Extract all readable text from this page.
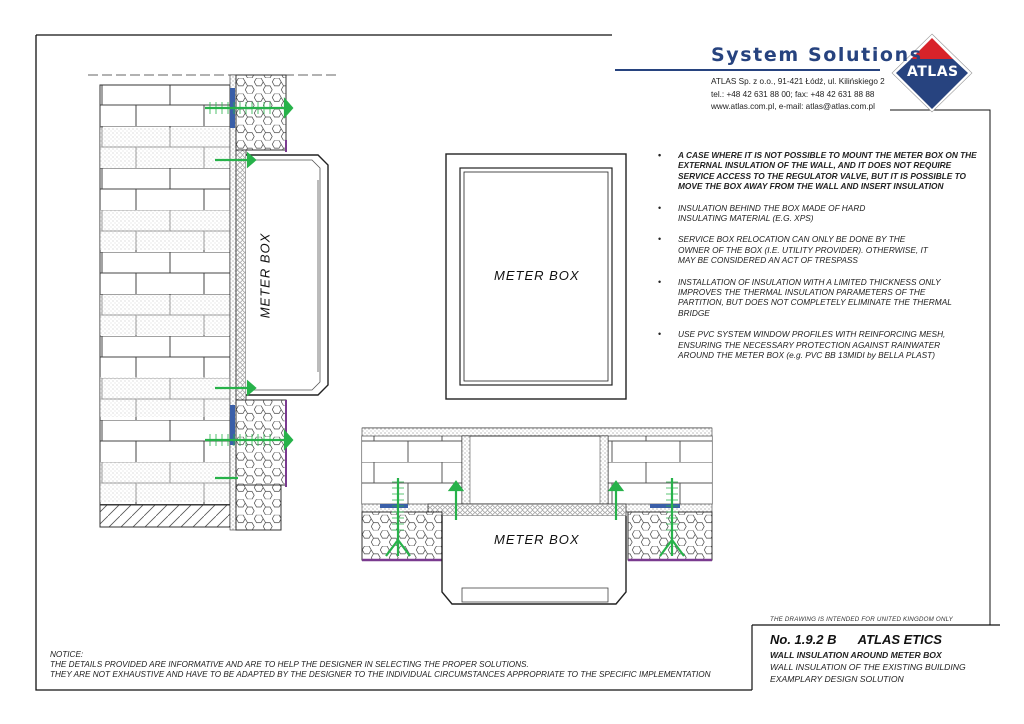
System Solutions
ATLAS Sp. z o.o., 91-421 Łódź, ul. Kilińskiego 2
tel.: +48 42 631 88 00; fax: +48 42 631 88 88
www.atlas.com.pl, e-mail: atlas@atlas.com.pl
ATLAS
• A CASE WHERE IT IS NOT POSSIBLE TO MOUNT THE METER BOX ON THE EXTERNAL INSULATION OF THE WALL, AND IT DOES NOT REQUIRE SERVICE ACCESS TO THE REGULATOR VALVE, BUT IT IS POSSIBLE TO MOVE THE BOX AWAY FROM THE WALL AND INSERT INSULATION
• INSULATION BEHIND THE BOX MADE OF HARD INSULATING MATERIAL (E.G. XPS)
• SERVICE BOX RELOCATION CAN ONLY BE DONE BY THE OWNER OF THE BOX (I.E. UTILITY PROVIDER). OTHERWISE, IT MAY BE CONSIDERED AN ACT OF TRESPASS
• INSTALLATION OF INSULATION WITH A LIMITED THICKNESS ONLY IMPROVES THE THERMAL INSULATION PARAMETERS OF THE PARTITION, BUT DOES NOT COMPLETELY ELIMINATE THE THERMAL BRIDGE
• USE PVC SYSTEM WINDOW PROFILES WITH REINFORCING MESH, ENSURING THE NECESSARY PROTECTION AGAINST RAINWATER AROUND THE METER BOX (e.g. PVC BB 13MIDI by BELLA PLAST)
METER BOX	METER BOX
METER BOX
THE DRAWING IS INTENDED FOR UNITED KINGDOM ONLY
No. 1.9.2 B      ATLAS ETICS
WALL INSULATION AROUND METER BOX
WALL INSULATION OF THE EXISTING BUILDING
EXAMPLARY DESIGN SOLUTION
NOTICE:
THE DETAILS PROVIDED ARE INFORMATIVE AND ARE TO HELP THE DESIGNER IN SELECTING THE PROPER SOLUTIONS.
THEY ARE NOT EXHAUSTIVE AND HAVE TO BE ADAPTED BY THE DESIGNER TO THE INDIVIDUAL CIRCUMSTANCES APPROPRIATE TO THE SPECIFIC IMPLEMENTATION
